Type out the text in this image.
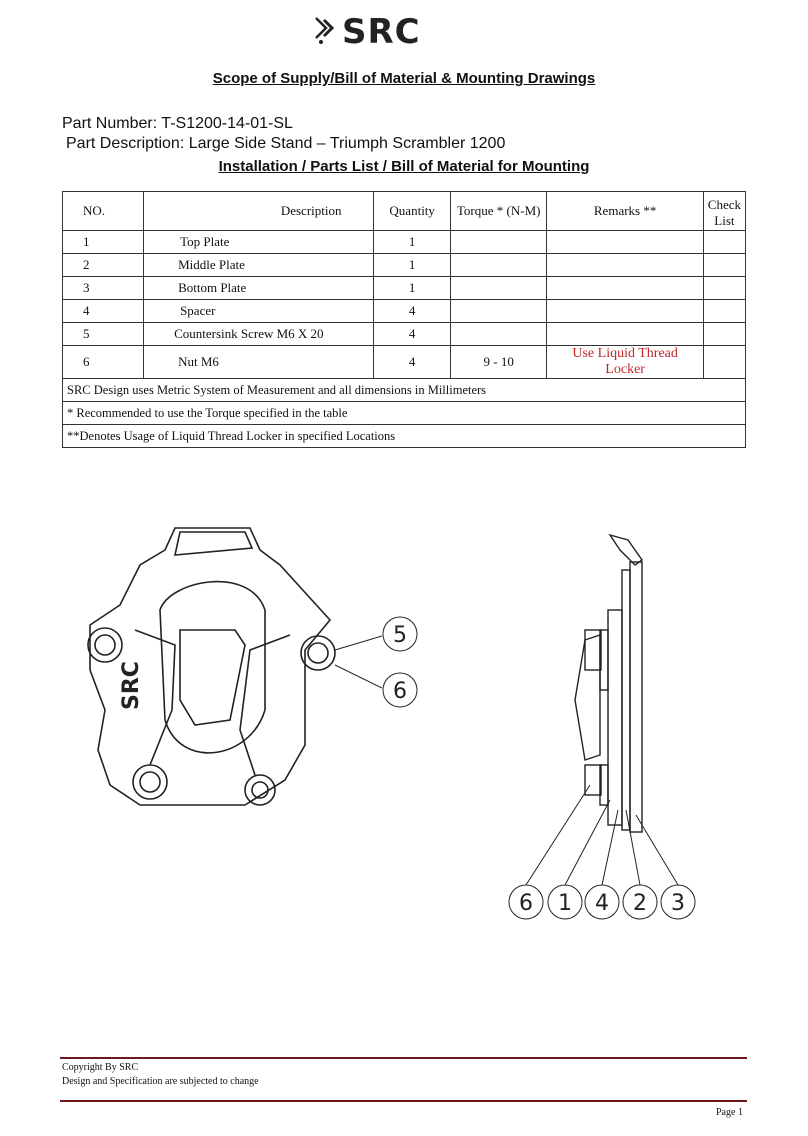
SRC
Scope of Supply/Bill of Material & Mounting Drawings
Part Number: T-S1200-14-01-SL
Part Description: Large Side Stand – Triumph Scrambler 1200
Installation / Parts List / Bill of Material for Mounting
NO.	Description	Quantity	Torque * (N-M)	Remarks **	Check List
1	Top Plate	1			
2	Middle Plate	1			
3	Bottom Plate	1			
4	Spacer	4			
5	Countersink Screw M6 X 20	4			
6	Nut M6	4	9 - 10	Use Liquid Thread Locker	
SRC Design uses Metric System of Measurement and all dimensions in Millimeters					
* Recommended to use the Torque specified in the table					
**Denotes Usage of Liquid Thread Locker in specified Locations					
SRC
5
6
6 1 4 2 3
Copyright By SRC
Design and Specification are subjected to change
Page 1
